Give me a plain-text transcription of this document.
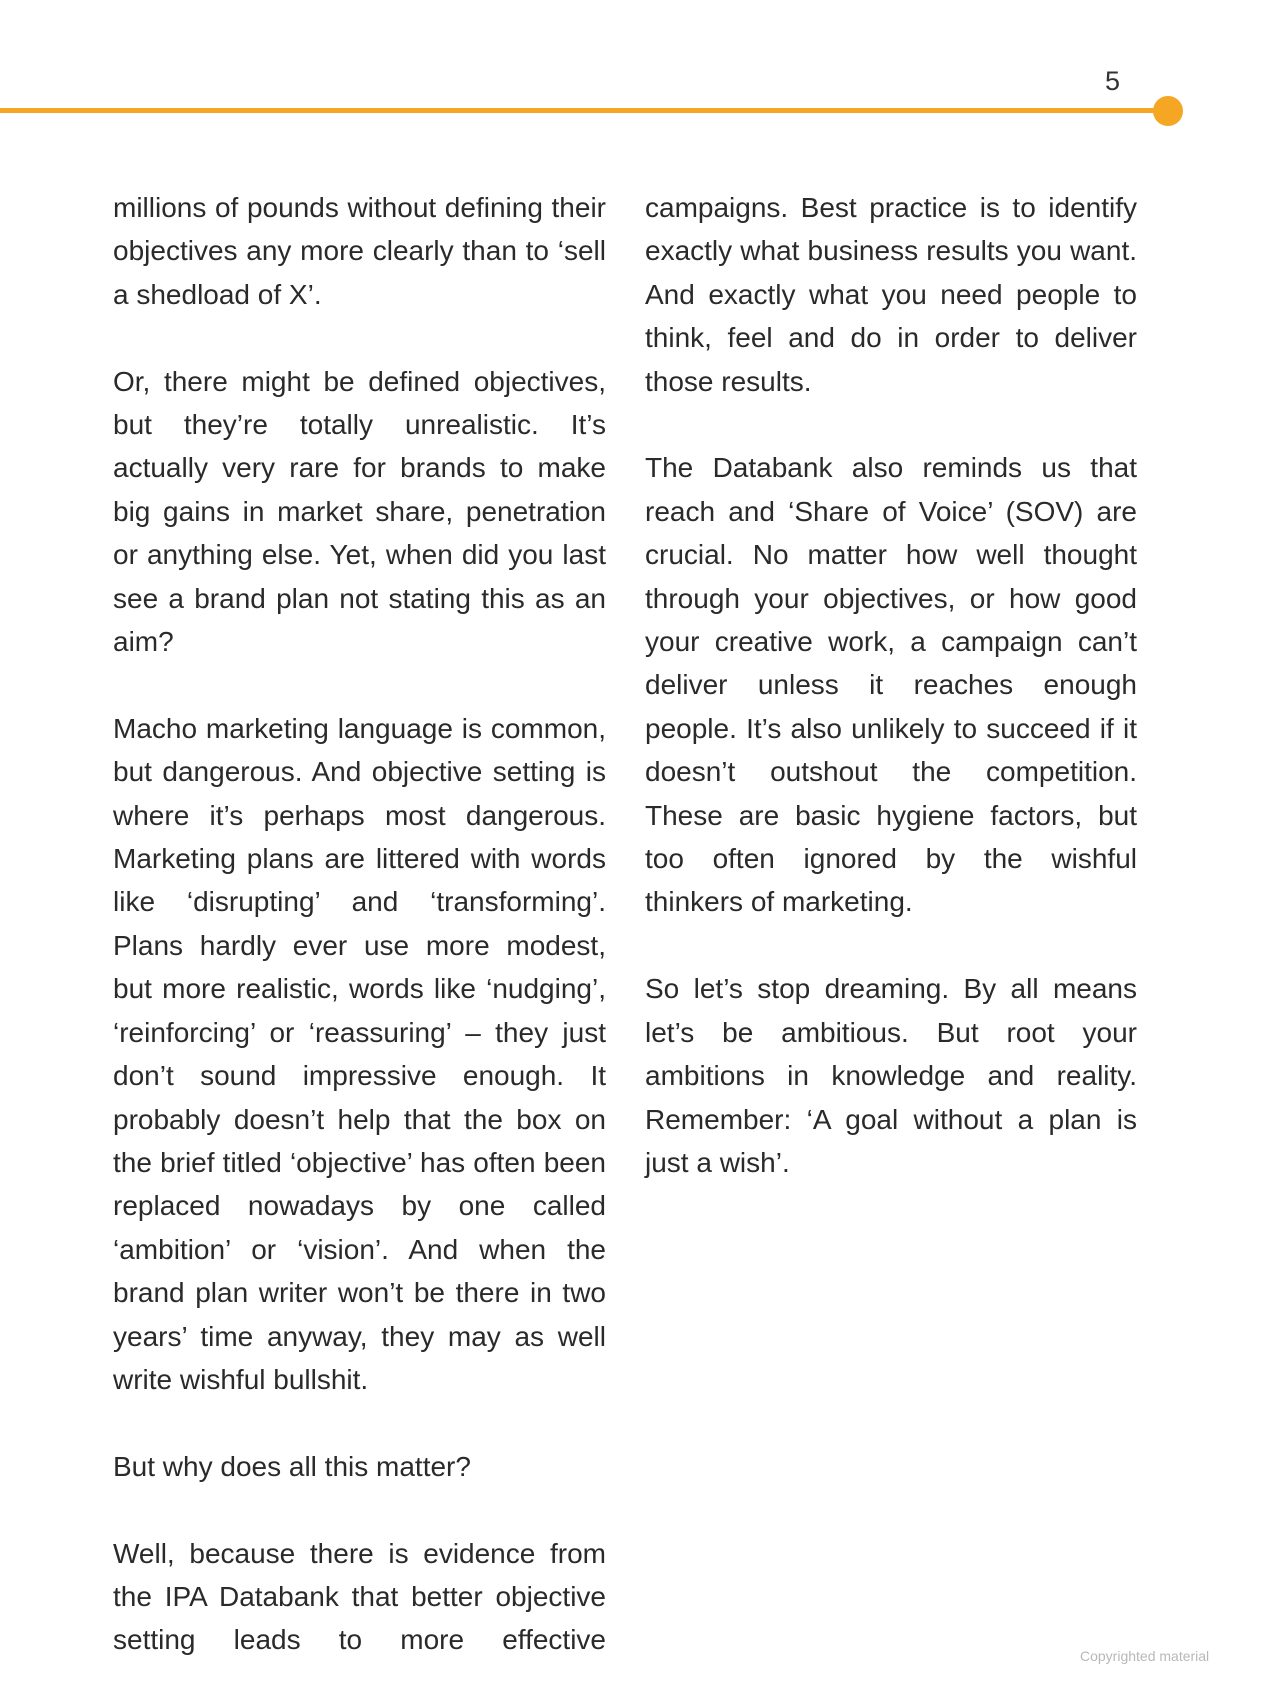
5

millions of pounds without defining their objectives any more clearly than to ‘sell a shedload of X’.

Or, there might be defined objectives, but they’re totally unrealistic. It’s actually very rare for brands to make big gains in market share, penetration or anything else. Yet, when did you last see a brand plan not stating this as an aim?

Macho marketing language is common, but dangerous. And objective setting is where it’s perhaps most dangerous. Marketing plans are littered with words like ‘disrupting’ and ‘transforming’. Plans hardly ever use more modest, but more realistic, words like ‘nudging’, ‘reinforcing’ or ‘reassuring’ – they just don’t sound impressive enough. It probably doesn’t help that the box on the brief titled ‘objective’ has often been replaced nowadays by one called ‘ambition’ or ‘vision’. And when the brand plan writer won’t be there in two years’ time anyway, they may as well write wishful bullshit.

But why does all this matter?

Well, because there is evidence from the IPA Databank that better objective setting leads to more effective

campaigns. Best practice is to identify exactly what business results you want. And exactly what you need people to think, feel and do in order to deliver those results.

The Databank also reminds us that reach and ‘Share of Voice’ (SOV) are crucial. No matter how well thought through your objectives, or how good your creative work, a campaign can’t deliver unless it reaches enough people. It’s also unlikely to succeed if it doesn’t outshout the competition. These are basic hygiene factors, but too often ignored by the wishful thinkers of marketing.

So let’s stop dreaming. By all means let’s be ambitious. But root your ambitions in knowledge and reality. Remember: ‘A goal without a plan is just a wish’.

Copyrighted material
